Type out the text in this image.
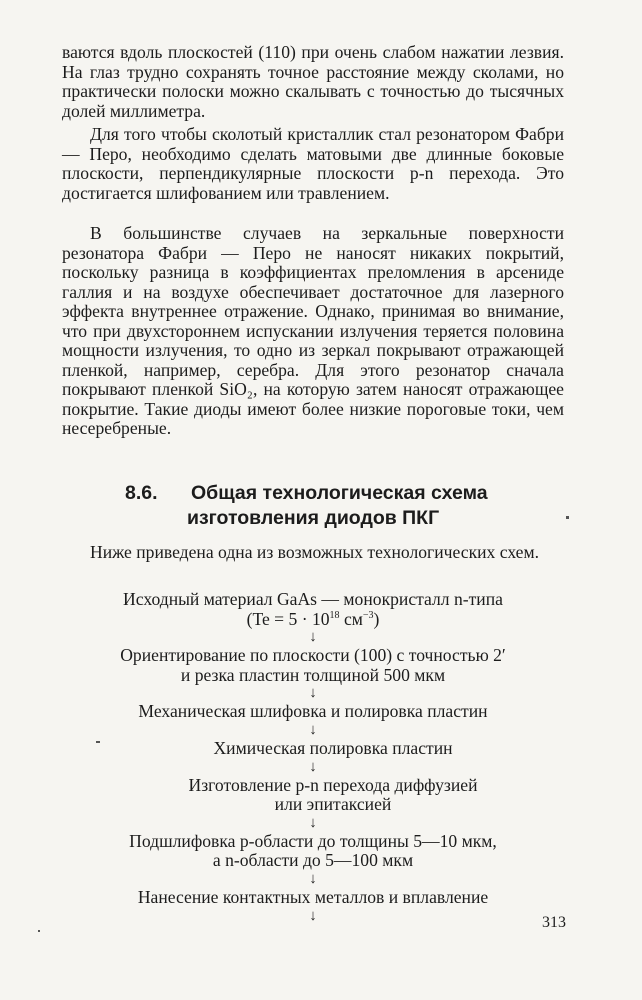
ваются вдоль плоскостей (110) при очень слабом нажатии лезвия. На глаз трудно сохранять точное расстояние между сколами, но практически полоски можно скалывать с точностью до тысячных долей миллиметра.

Для того чтобы сколотый кристаллик стал резонатором Фабри — Перо, необходимо сделать матовыми две длинные боковые плоскости, перпендикулярные плоскости p-n перехода. Это достигается шлифованием или травлением.

В большинстве случаев на зеркальные поверхности резонатора Фабри — Перо не наносят никаких покрытий, поскольку разница в коэффициентах преломления в арсениде галлия и на воздухе обеспечивает достаточное для лазерного эффекта внутреннее отражение. Однако, принимая во внимание, что при двухстороннем испускании излучения теряется половина мощности излучения, то одно из зеркал покрывают отражающей пленкой, например, серебра. Для этого резонатор сначала покрывают пленкой SiO₂, на которую затем наносят отражающее покрытие. Такие диоды имеют более низкие пороговые токи, чем несеребреные.

8.6. Общая технологическая схема
изготовления диодов ПКГ

Ниже приведена одна из возможных технологических схем.

Исходный материал GaAs — монокристалл n-типа

($Te = 5 \cdot 10^{18}$ $см^{-3}$)

↓

Ориентирование по плоскости (100) с точностью 2′

и резка пластин толщиной 500 мкм

↓

Механическая шлифовка и полировка пластин

↓

Химическая полировка пластин

↓

Изготовление p-n перехода диффузией

или эпитаксией

↓

Подшлифовка p-области до толщины 5—10 мкм,

а n-области до 5—100 мкм

↓

Нанесение контактных металлов и вплавление

↓	313
